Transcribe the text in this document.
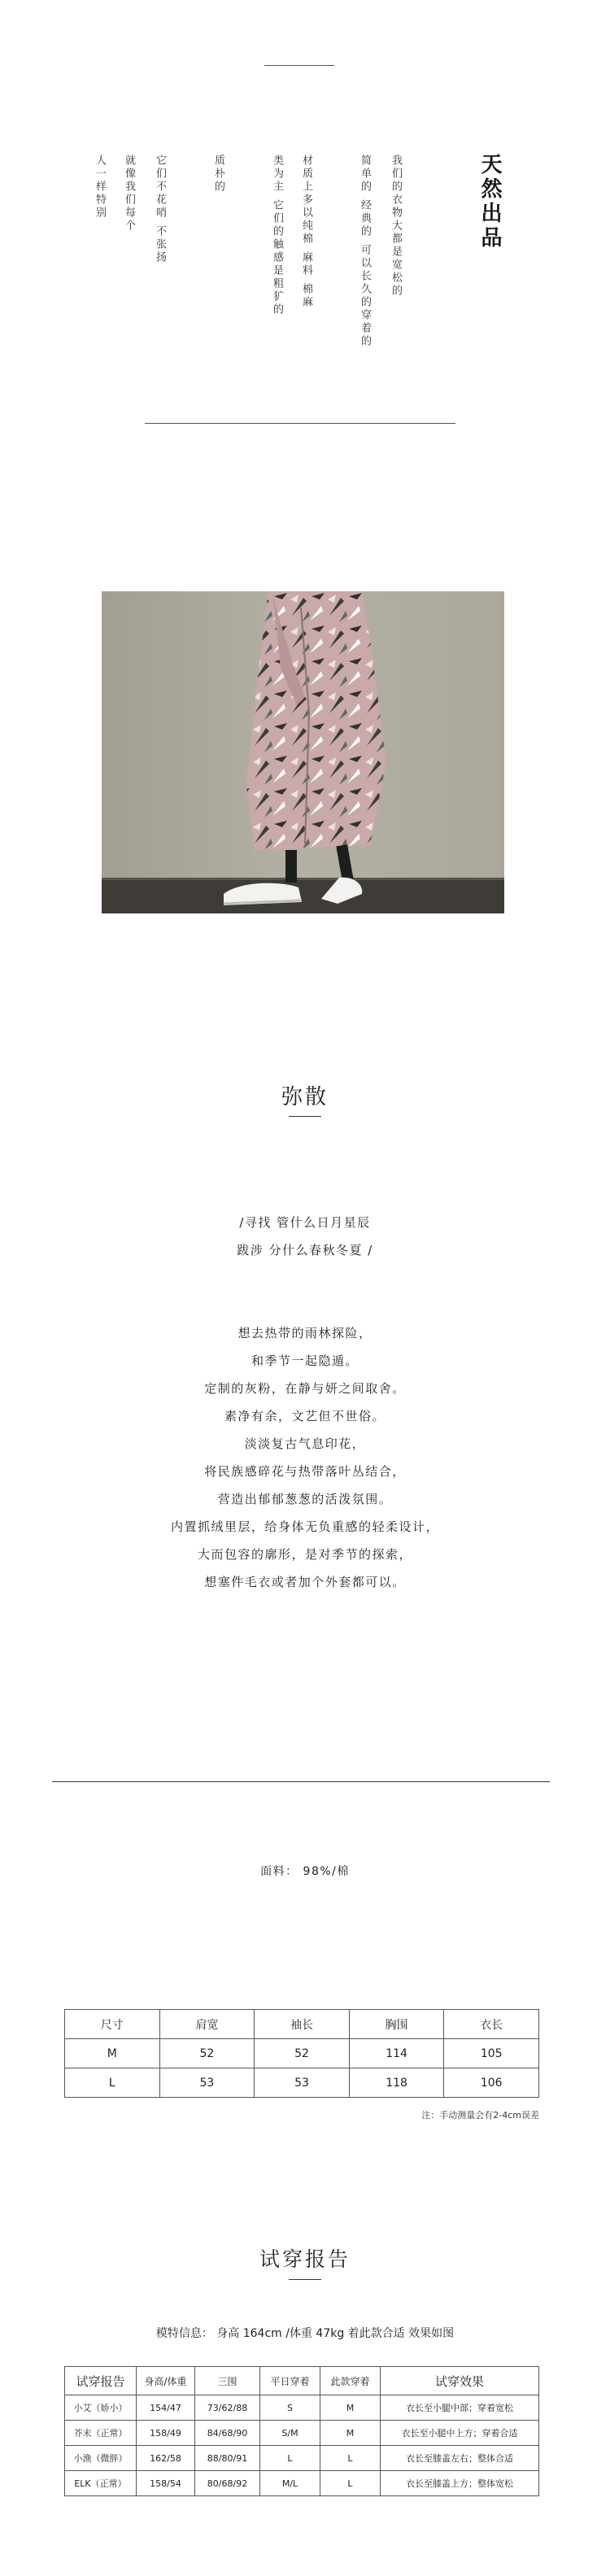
天然出品
我们的衣物大都是宽松的
简单的 经典的 可以长久的穿着的
材质上多以纯棉 麻料 棉麻
类为主 它们的触感是粗犷的
质朴的
它们不花哨 不张扬
就像我们每个
人一样特别
弥散
/寻找 管什么日月星辰
跋涉 分什么春秋冬夏 /
想去热带的雨林探险，
和季节一起隐遁。
定制的灰粉，在静与妍之间取舍。
素净有余，文艺但不世俗。
淡淡复古气息印花，
将民族感碎花与热带落叶丛结合，
营造出郁郁葱葱的活泼氛围。
内置抓绒里层，给身体无负重感的轻柔设计，
大而包容的廓形，是对季节的探索，
想塞件毛衣或者加个外套都可以。
面料： 98%/棉
尺寸	肩宽	袖长	胸围	衣长
M	52	52	114	105
L	53	53	118	106
注：手动测量会有2-4cm误差
试穿报告
模特信息： 身高 164cm /体重 47kg 着此款合适 效果如图
试穿报告	身高/体重	三围	平日穿着	此款穿着	试穿效果
小艾（娇小）	154/47	73/62/88	S	M	衣长至小腿中部；穿着宽松
芥末（正常）	158/49	84/68/90	S/M	M	衣长至小腿中上方；穿着合适
小渔（微胖）	162/58	88/80/91	L	L	衣长至膝盖左右；整体合适
ELK（正常）	158/54	80/68/92	M/L	L	衣长至膝盖上方；整体宽松
